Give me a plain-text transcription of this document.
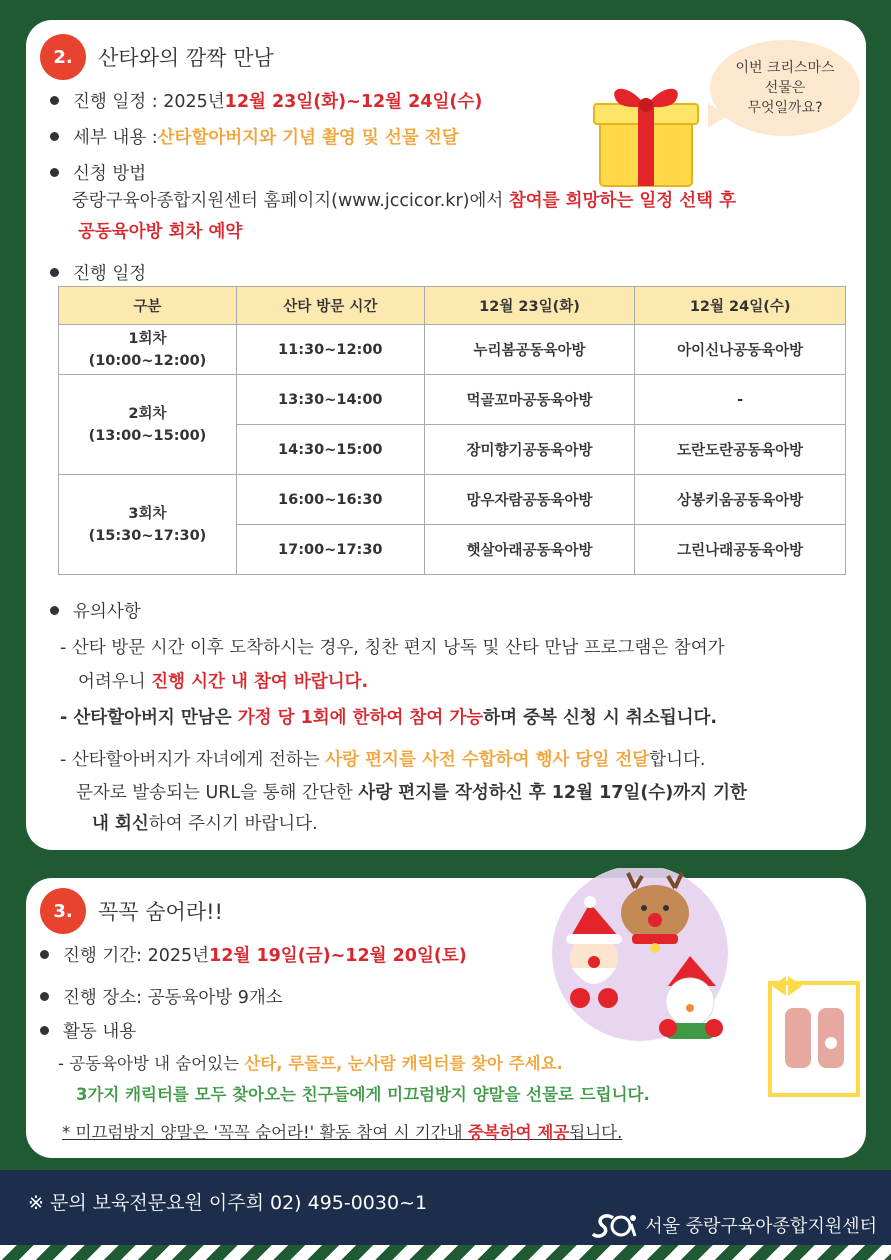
2.	산타와의 깜짝 만남
진행 일정 : 2025년 12월 23일(화)~12월 24일(수)
세부 내용 : 산타할아버지와 기념 촬영 및 선물 전달
신청 방법
중랑구육아종합지원센터 홈페이지(www.jccicor.kr)에서 참여를 희망하는 일정 선택 후
공동육아방 회차 예약
진행 일정
구분	산타 방문 시간	12월 23일(화)	12월 24일(수)
1회차
(10:00~12:00)	11:30~12:00	누리봄공동육아방	아이신나공동육아방
2회차
(13:00~15:00)	13:30~14:00	먹골꼬마공동육아방	-
	14:30~15:00	장미향기공동육아방	도란도란공동육아방
3회차
(15:30~17:30)	16:00~16:30	망우자람공동육아방	상봉키움공동육아방
	17:00~17:30	햇살아래공동육아방	그린나래공동육아방
유의사항
- 산타 방문 시간 이후 도착하시는 경우, 칭찬 편지 낭독 및 산타 만남 프로그램은 참여가
어려우니 진행 시간 내 참여 바랍니다.
- 산타할아버지 만남은 가정 당 1회에 한하여 참여 가능하며 중복 신청 시 취소됩니다.
- 산타할아버지가 자녀에게 전하는 사랑 편지를 사전 수합하여 행사 당일 전달합니다.
문자로 발송되는 URL을 통해 간단한 사랑 편지를 작성하신 후 12월 17일(수)까지 기한
내 회신하여 주시기 바랍니다.
이번 크리스마스
선물은
무엇일까요?
3.	꼭꼭 숨어라!!
진행 기간: 2025년 12월 19일(금)~12월 20일(토)
진행 장소: 공동육아방 9개소
활동 내용
- 공동육아방 내 숨어있는 산타, 루돌프, 눈사람 캐릭터를 찾아 주세요.
3가지 캐릭터를 모두 찾아오는 친구들에게 미끄럼방지 양말을 선물로 드립니다.
* 미끄럼방지 양말은 '꼭꼭 숨어라!' 활동 참여 시 기간내 중복하여 제공됩니다.
※ 문의 보육전문요원 이주희 02) 495-0030~1
서울 중랑구육아종합지원센터
